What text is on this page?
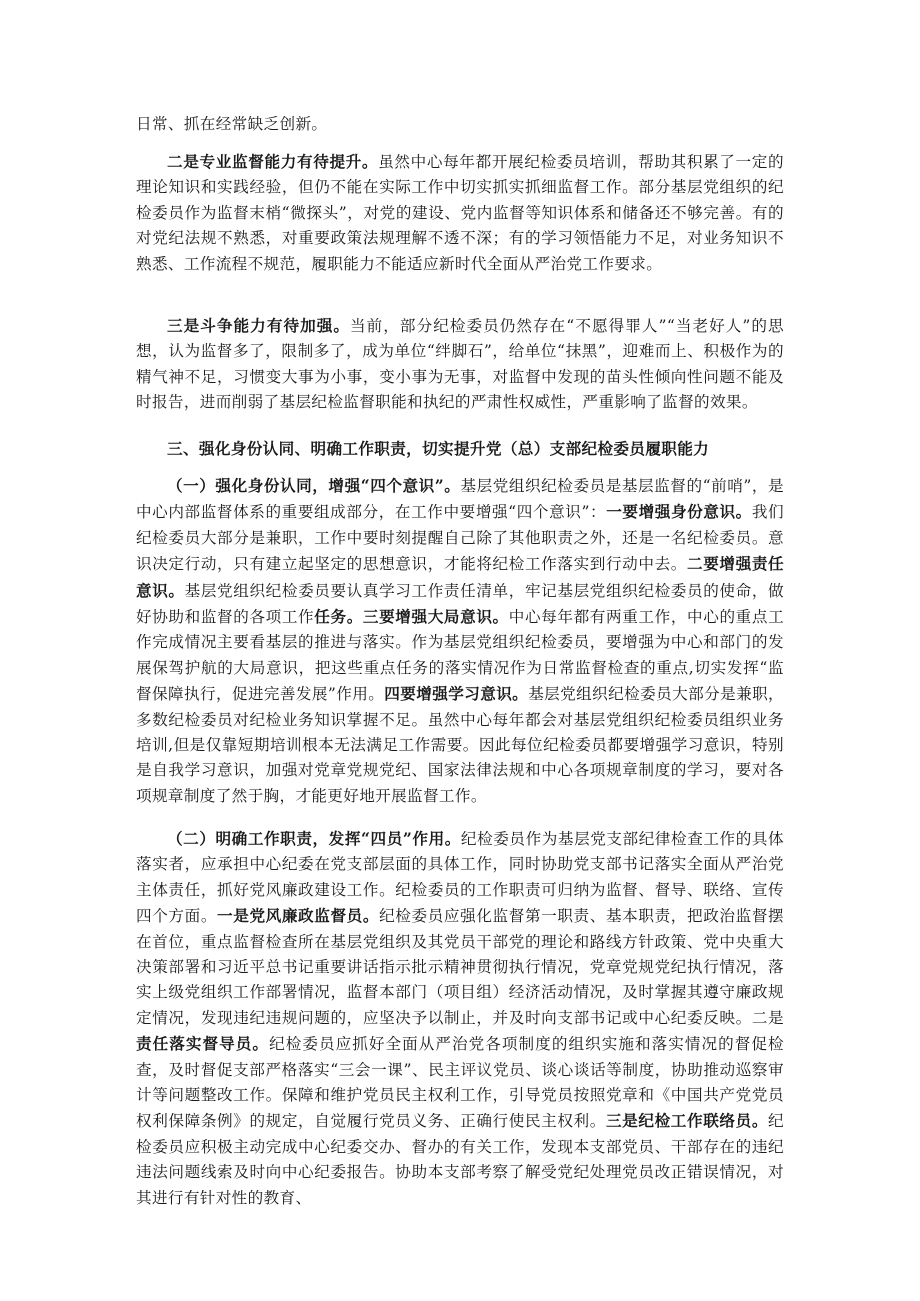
日常、抓在经常缺乏创新。

二是专业监督能力有待提升。虽然中心每年都开展纪检委员培训，帮助其积累了一定的理论知识和实践经验，但仍不能在实际工作中切实抓实抓细监督工作。部分基层党组织的纪检委员作为监督末梢“微探头”，对党的建设、党内监督等知识体系和储备还不够完善。有的对党纪法规不熟悉，对重要政策法规理解不透不深；有的学习领悟能力不足，对业务知识不熟悉、工作流程不规范，履职能力不能适应新时代全面从严治党工作要求。

三是斗争能力有待加强。当前，部分纪检委员仍然存在“不愿得罪人”“当老好人”的思想，认为监督多了，限制多了，成为单位“绊脚石”，给单位“抹黑”，迎难而上、积极作为的精气神不足，习惯变大事为小事，变小事为无事，对监督中发现的苗头性倾向性问题不能及时报告，进而削弱了基层纪检监督职能和执纪的严肃性权威性，严重影响了监督的效果。

三、强化身份认同、明确工作职责，切实提升党（总）支部纪检委员履职能力

（一）强化身份认同，增强“四个意识”。基层党组织纪检委员是基层监督的“前哨”，是中心内部监督体系的重要组成部分，在工作中要增强“四个意识”：一要增强身份意识。我们纪检委员大部分是兼职，工作中要时刻提醒自己除了其他职责之外，还是一名纪检委员。意识决定行动，只有建立起坚定的思想意识，才能将纪检工作落实到行动中去。二要增强责任意识。基层党组织纪检委员要认真学习工作责任清单，牢记基层党组织纪检委员的使命，做好协助和监督的各项工作任务。三要增强大局意识。中心每年都有两重工作，中心的重点工作完成情况主要看基层的推进与落实。作为基层党组织纪检委员，要增强为中心和部门的发展保驾护航的大局意识，把这些重点任务的落实情况作为日常监督检查的重点,切实发挥“监督保障执行，促进完善发展”作用。四要增强学习意识。基层党组织纪检委员大部分是兼职，多数纪检委员对纪检业务知识掌握不足。虽然中心每年都会对基层党组织纪检委员组织业务培训,但是仅靠短期培训根本无法满足工作需要。因此每位纪检委员都要增强学习意识，特别是自我学习意识，加强对党章党规党纪、国家法律法规和中心各项规章制度的学习，要对各项规章制度了然于胸，才能更好地开展监督工作。

（二）明确工作职责，发挥“四员”作用。纪检委员作为基层党支部纪律检查工作的具体落实者，应承担中心纪委在党支部层面的具体工作，同时协助党支部书记落实全面从严治党主体责任，抓好党风廉政建设工作。纪检委员的工作职责可归纳为监督、督导、联络、宣传四个方面。一是党风廉政监督员。纪检委员应强化监督第一职责、基本职责，把政治监督摆在首位，重点监督检查所在基层党组织及其党员干部党的理论和路线方针政策、党中央重大决策部署和习近平总书记重要讲话指示批示精神贯彻执行情况，党章党规党纪执行情况，落实上级党组织工作部署情况，监督本部门（项目组）经济活动情况，及时掌握其遵守廉政规定情况，发现违纪违规问题的，应坚决予以制止，并及时向支部书记或中心纪委反映。二是责任落实督导员。纪检委员应抓好全面从严治党各项制度的组织实施和落实情况的督促检查，及时督促支部严格落实“三会一课”、民主评议党员、谈心谈话等制度，协助推动巡察审计等问题整改工作。保障和维护党员民主权利工作，引导党员按照党章和《中国共产党党员权利保障条例》的规定，自觉履行党员义务、正确行使民主权利。三是纪检工作联络员。纪检委员应积极主动完成中心纪委交办、督办的有关工作，发现本支部党员、干部存在的违纪违法问题线索及时向中心纪委报告。协助本支部考察了解受党纪处理党员改正错误情况，对其进行有针对性的教育、
